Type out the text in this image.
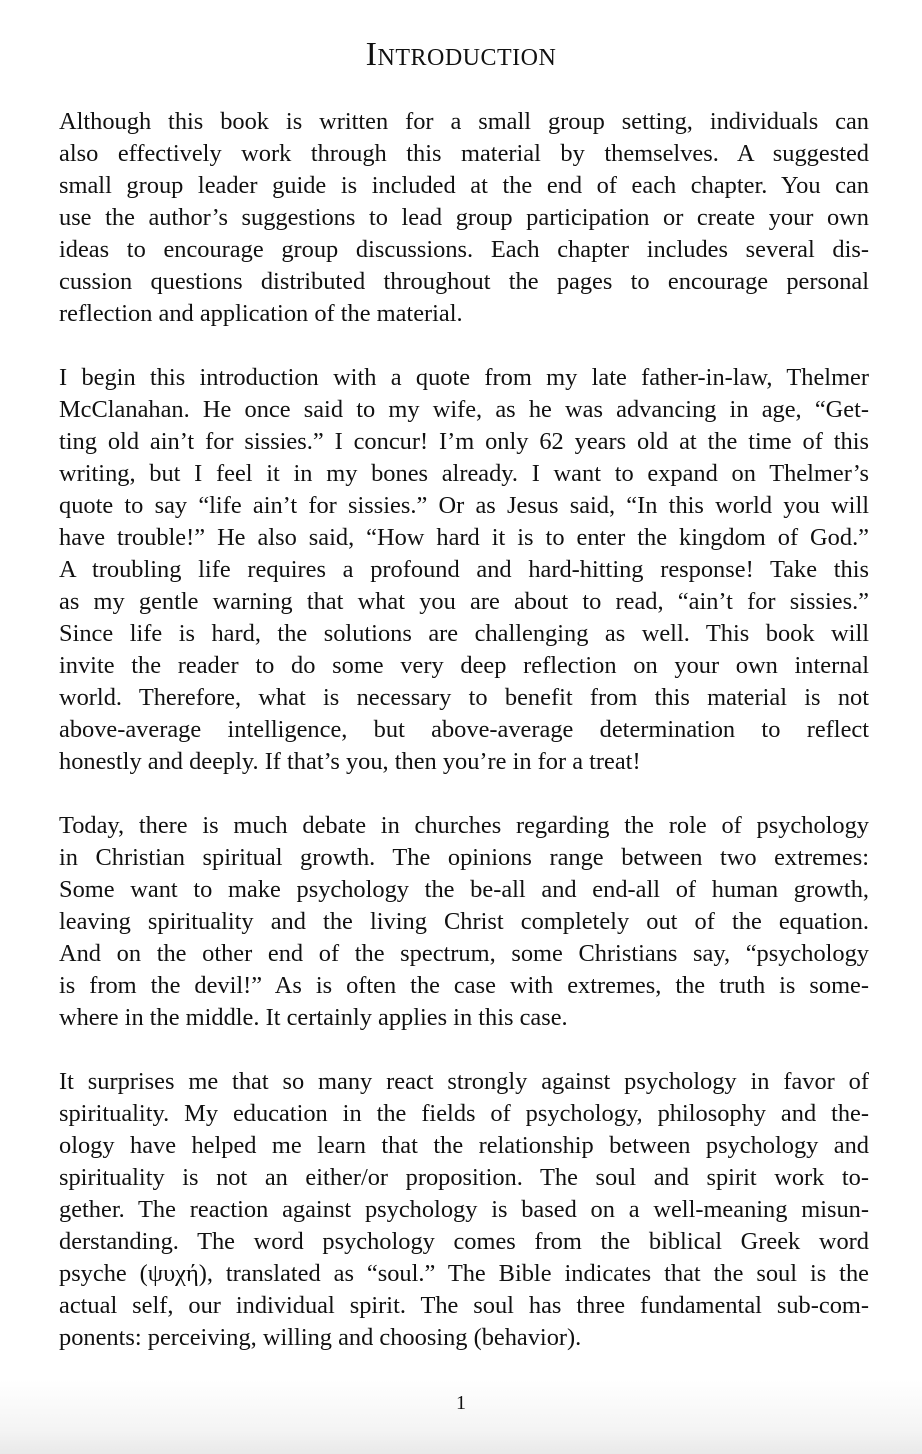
Introduction
Although this book is written for a small group setting, individuals can
also effectively work through this material by themselves. A suggested
small group leader guide is included at the end of each chapter. You can
use the author’s suggestions to lead group participation or create your own
ideas to encourage group discussions. Each chapter includes several dis-
cussion questions distributed throughout the pages to encourage personal
reflection and application of the material.
I begin this introduction with a quote from my late father-in-law, Thelmer
McClanahan. He once said to my wife, as he was advancing in age, “Get-
ting old ain’t for sissies.” I concur! I’m only 62 years old at the time of this
writing, but I feel it in my bones already. I want to expand on Thelmer’s
quote to say “life ain’t for sissies.” Or as Jesus said, “In this world you will
have trouble!” He also said, “How hard it is to enter the kingdom of God.”
A troubling life requires a profound and hard-hitting response! Take this
as my gentle warning that what you are about to read, “ain’t for sissies.”
Since life is hard, the solutions are challenging as well. This book will
invite the reader to do some very deep reflection on your own internal
world. Therefore, what is necessary to benefit from this material is not
above-average intelligence, but above-average determination to reflect
honestly and deeply. If that’s you, then you’re in for a treat!
Today, there is much debate in churches regarding the role of psychology
in Christian spiritual growth. The opinions range between two extremes:
Some want to make psychology the be-all and end-all of human growth,
leaving spirituality and the living Christ completely out of the equation.
And on the other end of the spectrum, some Christians say, “psychology
is from the devil!” As is often the case with extremes, the truth is some-
where in the middle. It certainly applies in this case.
It surprises me that so many react strongly against psychology in favor of
spirituality. My education in the fields of psychology, philosophy and the-
ology have helped me learn that the relationship between psychology and
spirituality is not an either/or proposition. The soul and spirit work to-
gether. The reaction against psychology is based on a well-meaning misun-
derstanding. The word psychology comes from the biblical Greek word
psyche (ψυχή), translated as “soul.” The Bible indicates that the soul is the
actual self, our individual spirit. The soul has three fundamental sub-com-
ponents: perceiving, willing and choosing (behavior).
1
